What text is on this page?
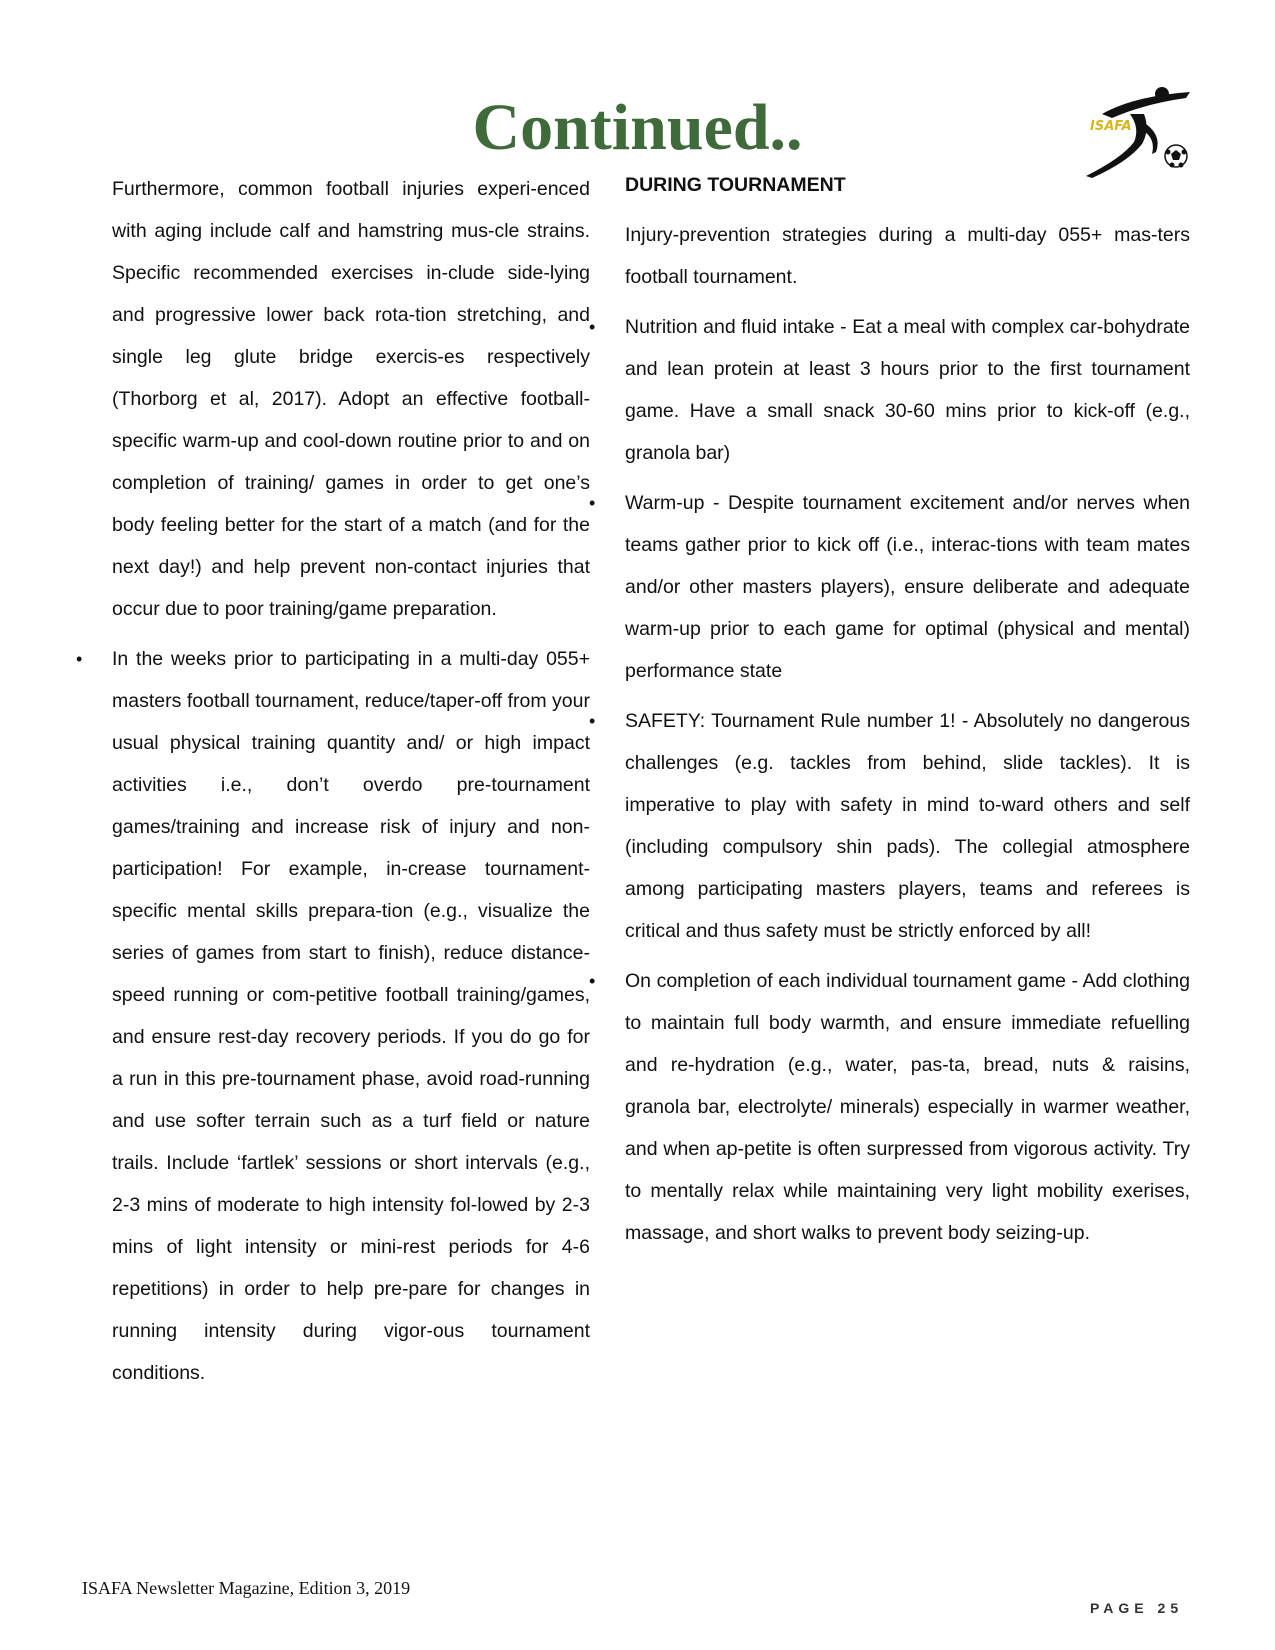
Continued..	ISAFA

Furthermore, common football injuries experi-enced with aging include calf and hamstring mus-cle strains. Specific recommended exercises in-clude side-lying and progressive lower back rota-tion stretching, and single leg glute bridge exercis-es respectively (Thorborg et al, 2017). Adopt an effective football-specific warm-up and cool-down routine prior to and on completion of training/ games in order to get one’s body feeling better for the start of a match (and for the next day!) and help prevent non-contact injuries that occur due to poor training/game preparation.

• In the weeks prior to participating in a multi-day 055+ masters football tournament, reduce/taper-off from your usual physical training quantity and/ or high impact activities i.e., don’t overdo pre-tournament games/training and increase risk of injury and non-participation! For example, in-crease tournament-specific mental skills prepara-tion (e.g., visualize the series of games from start to finish), reduce distance-speed running or com-petitive football training/games, and ensure rest-day recovery periods. If you do go for a run in this pre-tournament phase, avoid road-running and use softer terrain such as a turf field or nature trails. Include ‘fartlek’ sessions or short intervals (e.g., 2-3 mins of moderate to high intensity fol-lowed by 2-3 mins of light intensity or mini-rest periods for 4-6 repetitions) in order to help pre-pare for changes in running intensity during vigor-ous tournament conditions.
DURING TOURNAMENT

Injury-prevention strategies during a multi-day 055+ mas-ters football tournament.

• Nutrition and fluid intake - Eat a meal with complex car-bohydrate and lean protein at least 3 hours prior to the first tournament game. Have a small snack 30-60 mins prior to kick-off (e.g., granola bar)
• Warm-up - Despite tournament excitement and/or nerves when teams gather prior to kick off (i.e., interac-tions with team mates and/or other masters players), ensure deliberate and adequate warm-up prior to each game for optimal (physical and mental) performance state
• SAFETY: Tournament Rule number 1! - Absolutely no dangerous challenges (e.g. tackles from behind, slide tackles). It is imperative to play with safety in mind to-ward others and self (including compulsory shin pads). The collegial atmosphere among participating masters players, teams and referees is critical and thus safety must be strictly enforced by all!
• On completion of each individual tournament game - Add clothing to maintain full body warmth, and ensure immediate refuelling and re-hydration (e.g., water, pas-ta, bread, nuts & raisins, granola bar, electrolyte/ minerals) especially in warmer weather, and when ap-petite is often surpressed from vigorous activity. Try to mentally relax while maintaining very light mobility exerises, massage, and short walks to prevent body seizing-up.
ISAFA Newsletter Magazine, Edition 3, 2019
PAGE 25
